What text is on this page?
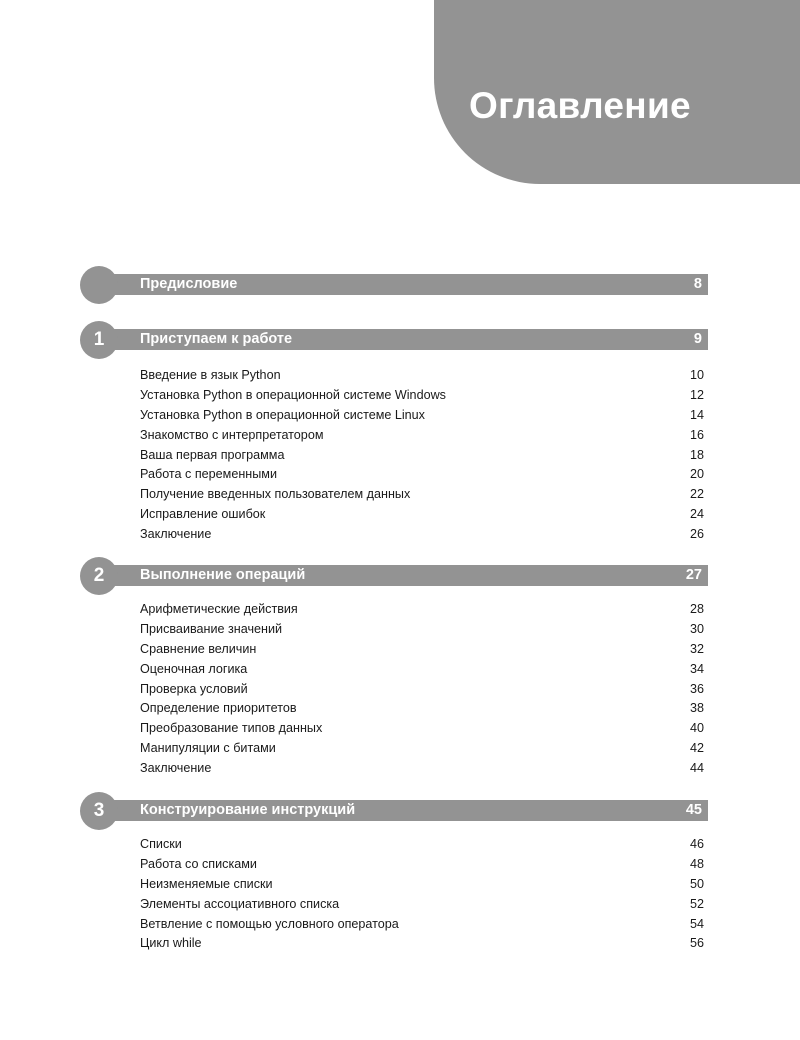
Оглавление
Предисловие	8
1	Приступаем к работе	9
Введение в язык Python	10
Установка Python в операционной системе Windows	12
Установка Python в операционной системе Linux	14
Знакомство с интерпретатором	16
Ваша первая программа	18
Работа с переменными	20
Получение введенных пользователем данных	22
Исправление ошибок	24
Заключение	26
2	Выполнение операций	27
Арифметические действия	28
Присваивание значений	30
Сравнение величин	32
Оценочная логика	34
Проверка условий	36
Определение приоритетов	38
Преобразование типов данных	40
Манипуляции с битами	42
Заключение	44
3	Конструирование инструкций	45
Списки	46
Работа со списками	48
Неизменяемые списки	50
Элементы ассоциативного списка	52
Ветвление с помощью условного оператора	54
Цикл while	56
